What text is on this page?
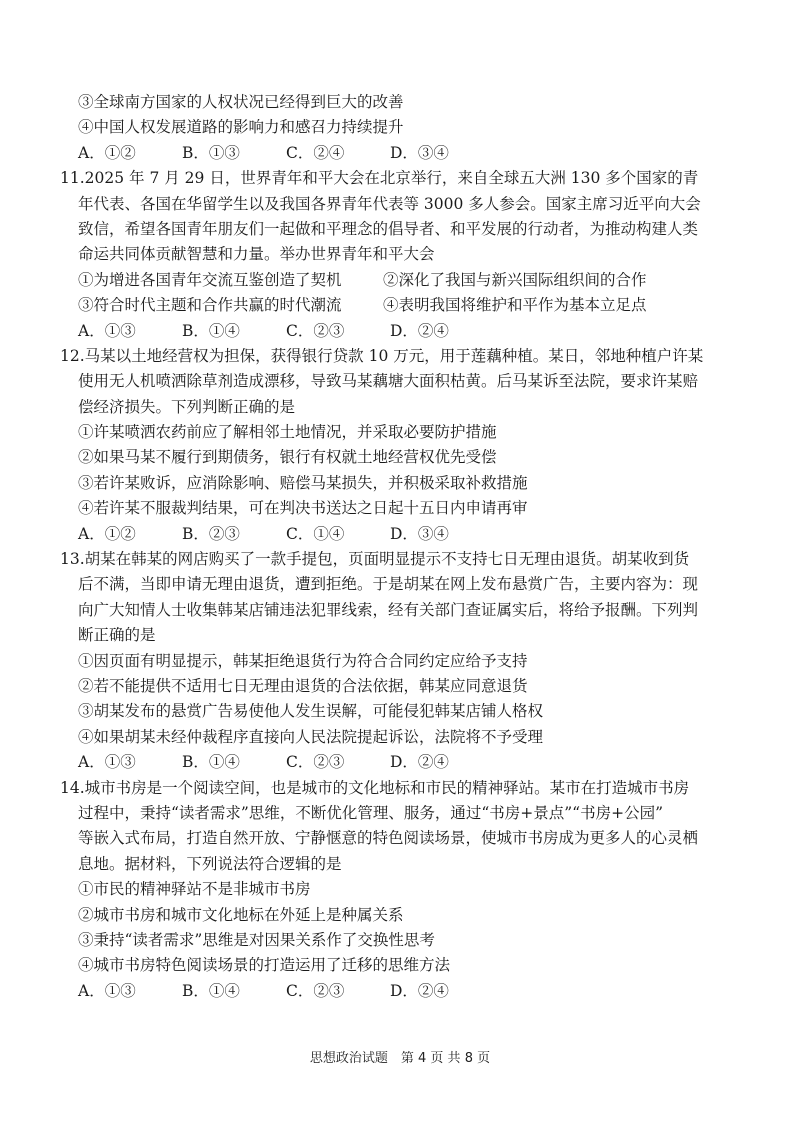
③全球南方国家的人权状况已经得到巨大的改善
④中国人权发展道路的影响力和感召力持续提升
A．①②	B．①③	C．②④	D．③④
11.2025 年 7 月 29 日，世界青年和平大会在北京举行，来自全球五大洲 130 多个国家的青
年代表、各国在华留学生以及我国各界青年代表等 3000 多人参会。国家主席习近平向大会
致信，希望各国青年朋友们一起做和平理念的倡导者、和平发展的行动者，为推动构建人类
命运共同体贡献智慧和力量。举办世界青年和平大会
①为增进各国青年交流互鉴创造了契机	②深化了我国与新兴国际组织间的合作
③符合时代主题和合作共赢的时代潮流	④表明我国将维护和平作为基本立足点
A．①③	B．①④	C．②③	D．②④
12.马某以土地经营权为担保，获得银行贷款 10 万元，用于莲藕种植。某日，邻地种植户许某
使用无人机喷洒除草剂造成漂移，导致马某藕塘大面积枯黄。后马某诉至法院，要求许某赔
偿经济损失。下列判断正确的是
①许某喷洒农药前应了解相邻土地情况，并采取必要防护措施
②如果马某不履行到期债务，银行有权就土地经营权优先受偿
③若许某败诉，应消除影响、赔偿马某损失，并积极采取补救措施
④若许某不服裁判结果，可在判决书送达之日起十五日内申请再审
A．①②	B．②③	C．①④	D．③④
13.胡某在韩某的网店购买了一款手提包，页面明显提示不支持七日无理由退货。胡某收到货
后不满，当即申请无理由退货，遭到拒绝。于是胡某在网上发布悬赏广告，主要内容为：现
向广大知情人士收集韩某店铺违法犯罪线索，经有关部门查证属实后，将给予报酬。下列判
断正确的是
①因页面有明显提示，韩某拒绝退货行为符合合同约定应给予支持
②若不能提供不适用七日无理由退货的合法依据，韩某应同意退货
③胡某发布的悬赏广告易使他人发生误解，可能侵犯韩某店铺人格权
④如果胡某未经仲裁程序直接向人民法院提起诉讼，法院将不予受理
A．①③	B．①④	C．②③	D．②④
14.城市书房是一个阅读空间，也是城市的文化地标和市民的精神驿站。某市在打造城市书房
过程中，秉持“读者需求”思维，不断优化管理、服务，通过“书房+景点”“书房+公园”
等嵌入式布局，打造自然开放、宁静惬意的特色阅读场景，使城市书房成为更多人的心灵栖
息地。据材料，下列说法符合逻辑的是
①市民的精神驿站不是非城市书房
②城市书房和城市文化地标在外延上是种属关系
③秉持“读者需求”思维是对因果关系作了交换性思考
④城市书房特色阅读场景的打造运用了迁移的思维方法
A．①③	B．①④	C．②③	D．②④
思想政治试题　第 4 页 共 8 页
